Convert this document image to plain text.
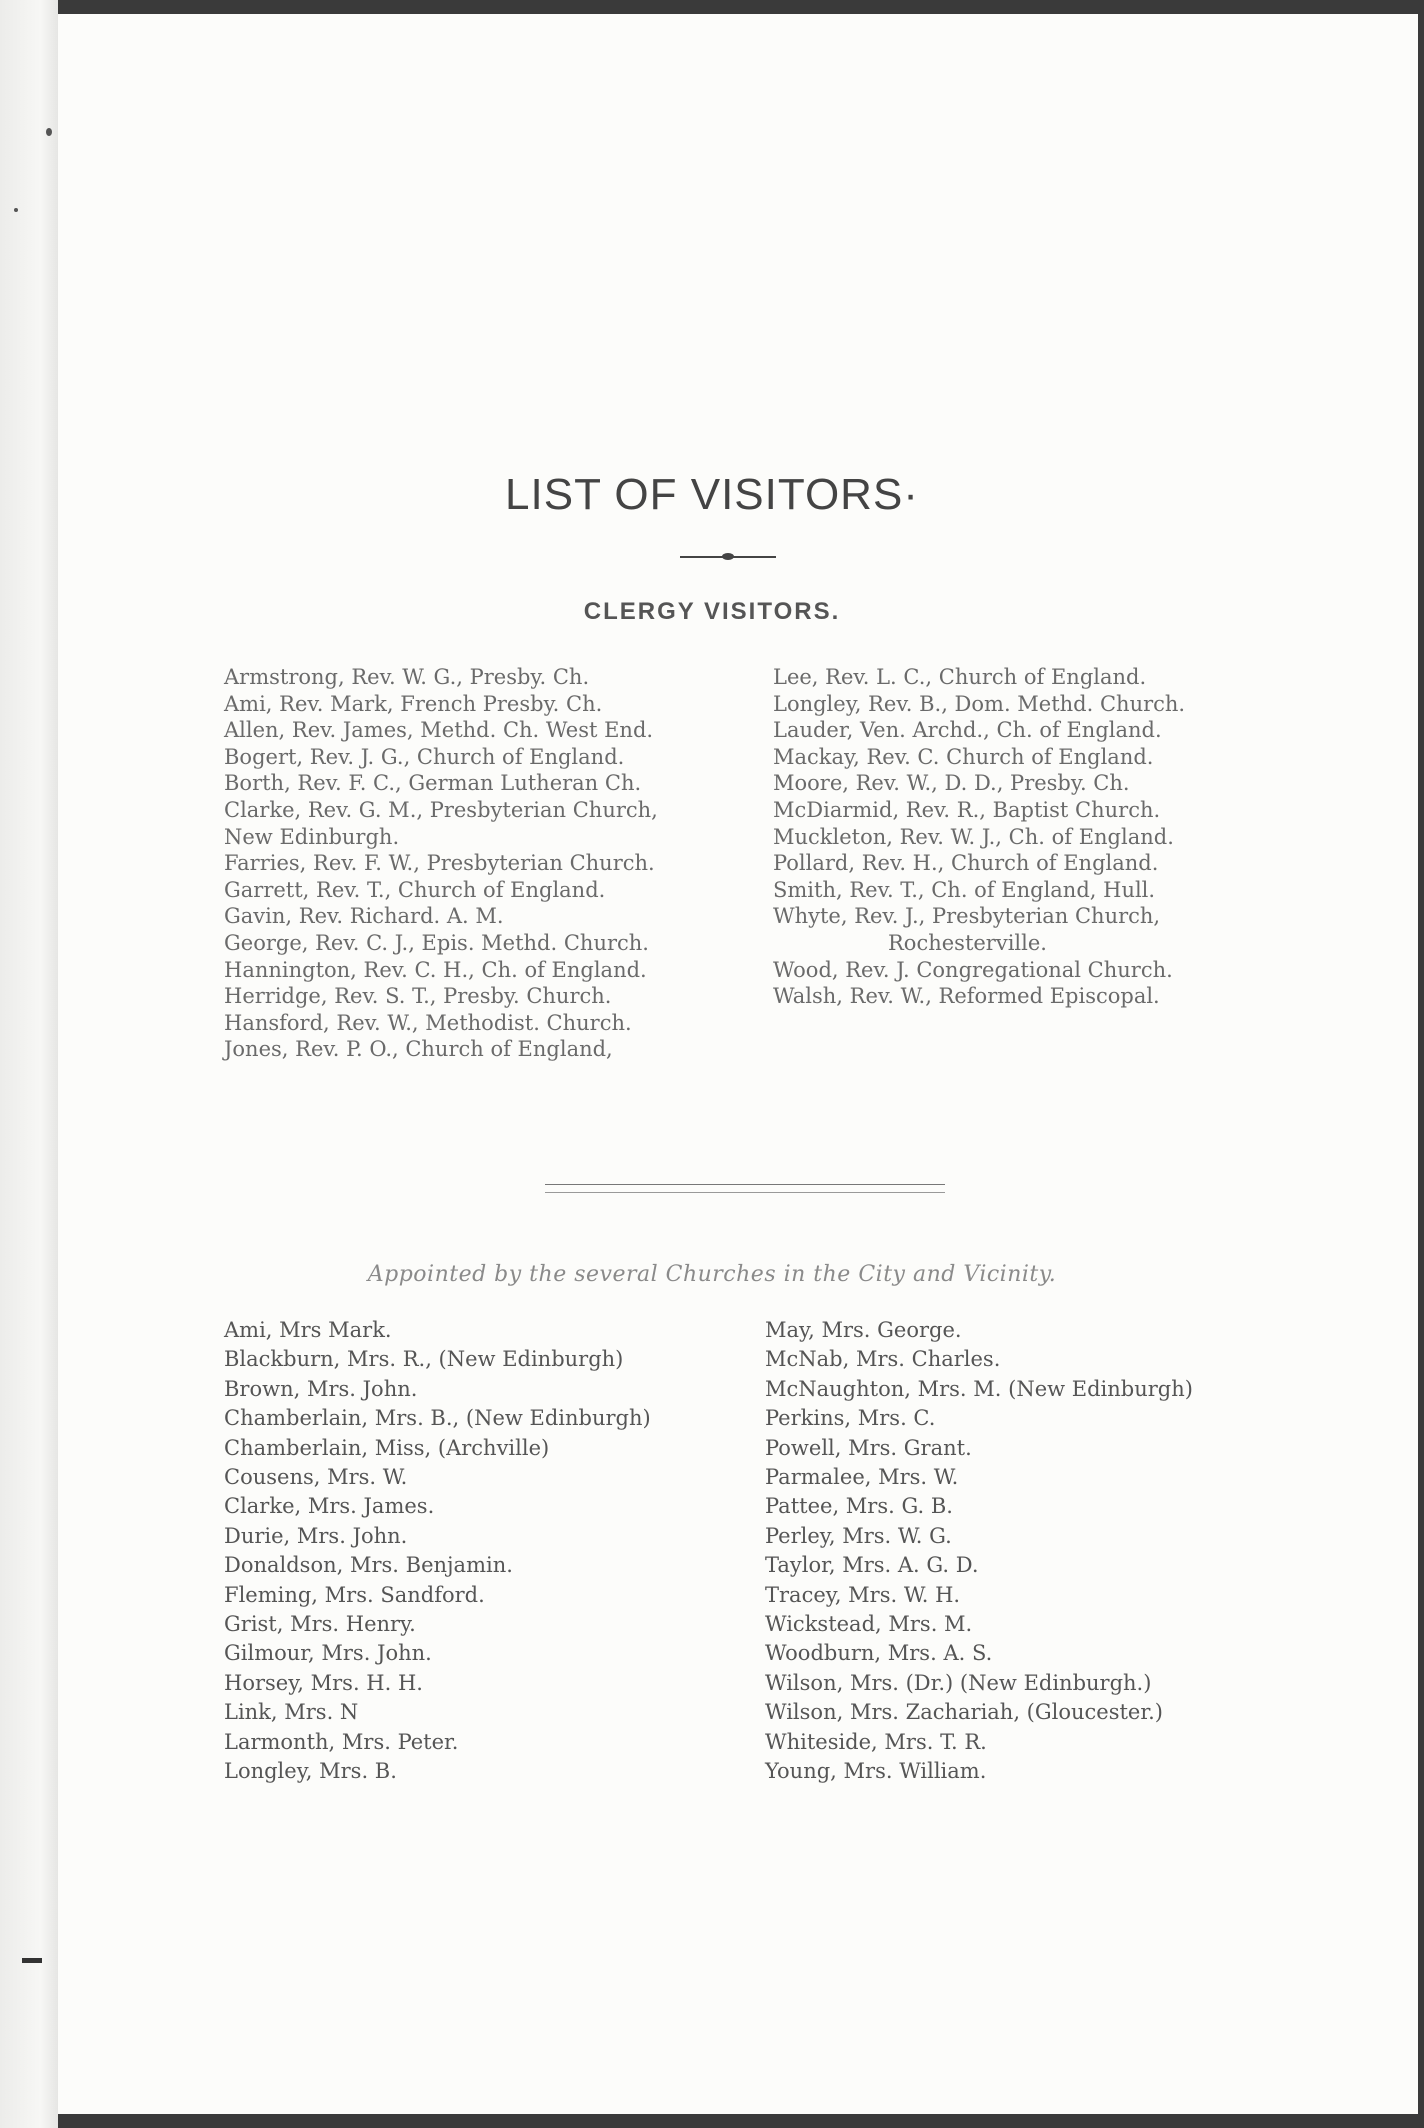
LIST OF VISITORS·
CLERGY VISITORS.
Armstrong, Rev. W. G., Presby. Ch.
Ami, Rev. Mark, French Presby. Ch.
Allen, Rev. James, Methd. Ch. West End.
Bogert, Rev. J. G., Church of England.
Borth, Rev. F. C., German Lutheran Ch.
Clarke, Rev. G. M., Presbyterian Church,
New Edinburgh.
Farries, Rev. F. W., Presbyterian Church.
Garrett, Rev. T., Church of England.
Gavin, Rev. Richard. A. M.
George, Rev. C. J., Epis. Methd. Church.
Hannington, Rev. C. H., Ch. of England.
Herridge, Rev. S. T., Presby. Church.
Hansford, Rev. W., Methodist. Church.
Jones, Rev. P. O., Church of England,
Lee, Rev. L. C., Church of England.
Longley, Rev. B., Dom. Methd. Church.
Lauder, Ven. Archd., Ch. of England.
Mackay, Rev. C. Church of England.
Moore, Rev. W., D. D., Presby. Ch.
McDiarmid, Rev. R., Baptist Church.
Muckleton, Rev. W. J., Ch. of England.
Pollard, Rev. H., Church of England.
Smith, Rev. T., Ch. of England, Hull.
Whyte, Rev. J., Presbyterian Church,
Rochesterville.
Wood, Rev. J. Congregational Church.
Walsh, Rev. W., Reformed Episcopal.
Appointed by the several Churches in the City and Vicinity.
Ami, Mrs Mark.
Blackburn, Mrs. R., (New Edinburgh)
Brown, Mrs. John.
Chamberlain, Mrs. B., (New Edinburgh)
Chamberlain, Miss, (Archville)
Cousens, Mrs. W.
Clarke, Mrs. James.
Durie, Mrs. John.
Donaldson, Mrs. Benjamin.
Fleming, Mrs. Sandford.
Grist, Mrs. Henry.
Gilmour, Mrs. John.
Horsey, Mrs. H. H.
Link, Mrs. N
Larmonth, Mrs. Peter.
Longley, Mrs. B.
May, Mrs. George.
McNab, Mrs. Charles.
McNaughton, Mrs. M. (New Edinburgh)
Perkins, Mrs. C.
Powell, Mrs. Grant.
Parmalee, Mrs. W.
Pattee, Mrs. G. B.
Perley, Mrs. W. G.
Taylor, Mrs. A. G. D.
Tracey, Mrs. W. H.
Wickstead, Mrs. M.
Woodburn, Mrs. A. S.
Wilson, Mrs. (Dr.) (New Edinburgh.)
Wilson, Mrs. Zachariah, (Gloucester.)
Whiteside, Mrs. T. R.
Young, Mrs. William.
